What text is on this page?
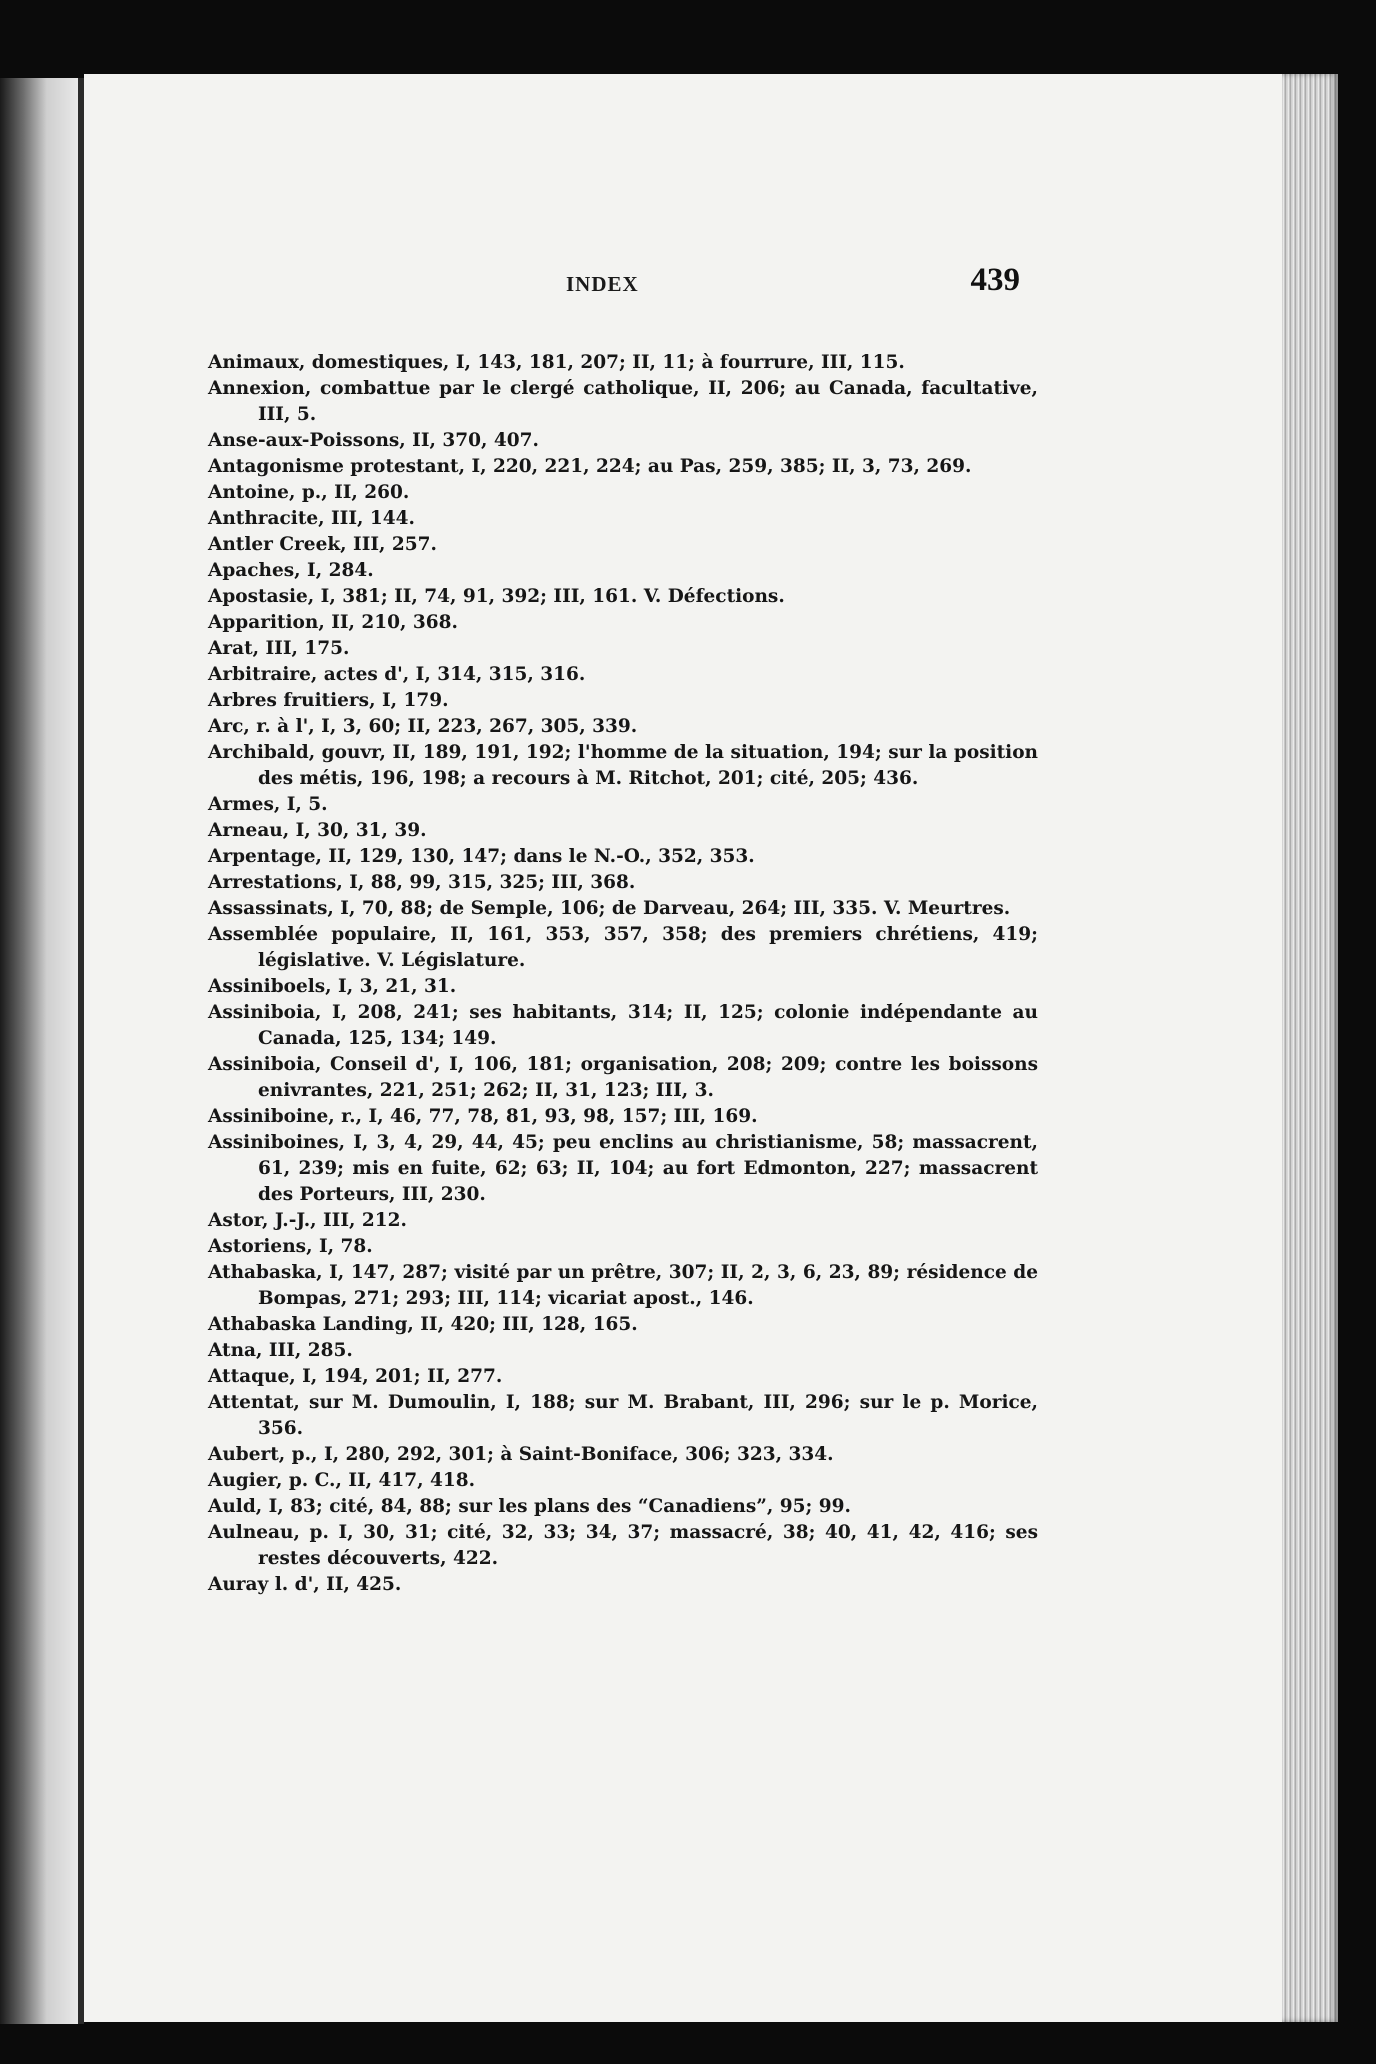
INDEX	439
Animaux, domestiques, I, 143, 181, 207; II, 11; à fourrure, III, 115.
Annexion, combattue par le clergé catholique, II, 206; au Canada, facultative, III, 5.
Anse-aux-Poissons, II, 370, 407.
Antagonisme protestant, I, 220, 221, 224; au Pas, 259, 385; II, 3, 73, 269.
Antoine, p., II, 260.
Anthracite, III, 144.
Antler Creek, III, 257.
Apaches, I, 284.
Apostasie, I, 381; II, 74, 91, 392; III, 161. V. Défections.
Apparition, II, 210, 368.
Arat, III, 175.
Arbitraire, actes d', I, 314, 315, 316.
Arbres fruitiers, I, 179.
Arc, r. à l', I, 3, 60; II, 223, 267, 305, 339.
Archibald, gouvr, II, 189, 191, 192; l'homme de la situation, 194; sur la position des métis, 196, 198; a recours à M. Ritchot, 201; cité, 205; 436.
Armes, I, 5.
Arneau, I, 30, 31, 39.
Arpentage, II, 129, 130, 147; dans le N.-O., 352, 353.
Arrestations, I, 88, 99, 315, 325; III, 368.
Assassinats, I, 70, 88; de Semple, 106; de Darveau, 264; III, 335. V. Meurtres.
Assemblée populaire, II, 161, 353, 357, 358; des premiers chrétiens, 419; législative. V. Législature.
Assiniboels, I, 3, 21, 31.
Assiniboia, I, 208, 241; ses habitants, 314; II, 125; colonie indépendante au Canada, 125, 134; 149.
Assiniboia, Conseil d', I, 106, 181; organisation, 208; 209; contre les boissons enivrantes, 221, 251; 262; II, 31, 123; III, 3.
Assiniboine, r., I, 46, 77, 78, 81, 93, 98, 157; III, 169.
Assiniboines, I, 3, 4, 29, 44, 45; peu enclins au christianisme, 58; massacrent, 61, 239; mis en fuite, 62; 63; II, 104; au fort Edmonton, 227; massacrent des Porteurs, III, 230.
Astor, J.-J., III, 212.
Astoriens, I, 78.
Athabaska, I, 147, 287; visité par un prêtre, 307; II, 2, 3, 6, 23, 89; résidence de Bompas, 271; 293; III, 114; vicariat apost., 146.
Athabaska Landing, II, 420; III, 128, 165.
Atna, III, 285.
Attaque, I, 194, 201; II, 277.
Attentat, sur M. Dumoulin, I, 188; sur M. Brabant, III, 296; sur le p. Morice, 356.
Aubert, p., I, 280, 292, 301; à Saint-Boniface, 306; 323, 334.
Augier, p. C., II, 417, 418.
Auld, I, 83; cité, 84, 88; sur les plans des “Canadiens”, 95; 99.
Aulneau, p. I, 30, 31; cité, 32, 33; 34, 37; massacré, 38; 40, 41, 42, 416; ses restes découverts, 422.
Auray l. d', II, 425.
